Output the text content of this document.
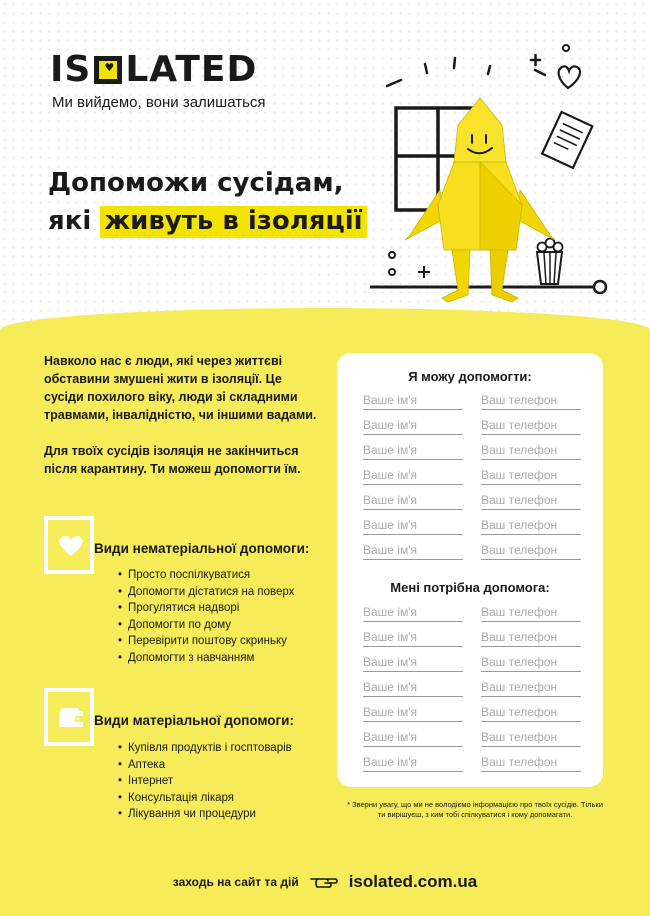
IS
♥ LATED
Ми вийдемо, вони залишаться
Допоможи сусідам,
які живуть в ізоляції

Навколо нас є люди, які через життєві обставини змушені жити в ізоляції. Це сусіди похилого віку, люди зі складними травмами, інвалідністю, чи іншими вадами.

Для твоїх сусідів ізоляція не закінчиться після карантину. Ти можеш допомогти їм.

Види нематеріальної допомоги:
• Просто поспілкуватися
• Допомогти дістатися на поверх
• Прогулятися надворі
• Допомогти по дому
• Перевірити поштову скриньку
• Допомогти з навчанням
Види матеріальної допомоги:
• Купівля продуктів і госптоварів
• Аптека
• Інтернет
• Консультація лікаря
• Лікування чи процедури
Я можу допомогти:
Ваше ім'я	Ваш телефон
Ваше ім'я	Ваш телефон
Ваше ім'я	Ваш телефон
Ваше ім'я	Ваш телефон
Ваше ім'я	Ваш телефон
Ваше ім'я	Ваш телефон
Ваше ім'я	Ваш телефон
Мені потрібна допомога:
Ваше ім'я	Ваш телефон
Ваше ім'я	Ваш телефон
Ваше ім'я	Ваш телефон
Ваше ім'я	Ваш телефон
Ваше ім'я	Ваш телефон
Ваше ім'я	Ваш телефон
Ваше ім'я	Ваш телефон
* Зверни увагу, що ми не володіємо інформацією про твоїх сусідів. Тільки ти вирішуєш, з ким тобі спілкуватися і кому допомагати.
заходь на сайт та дій	isolated.com.ua
